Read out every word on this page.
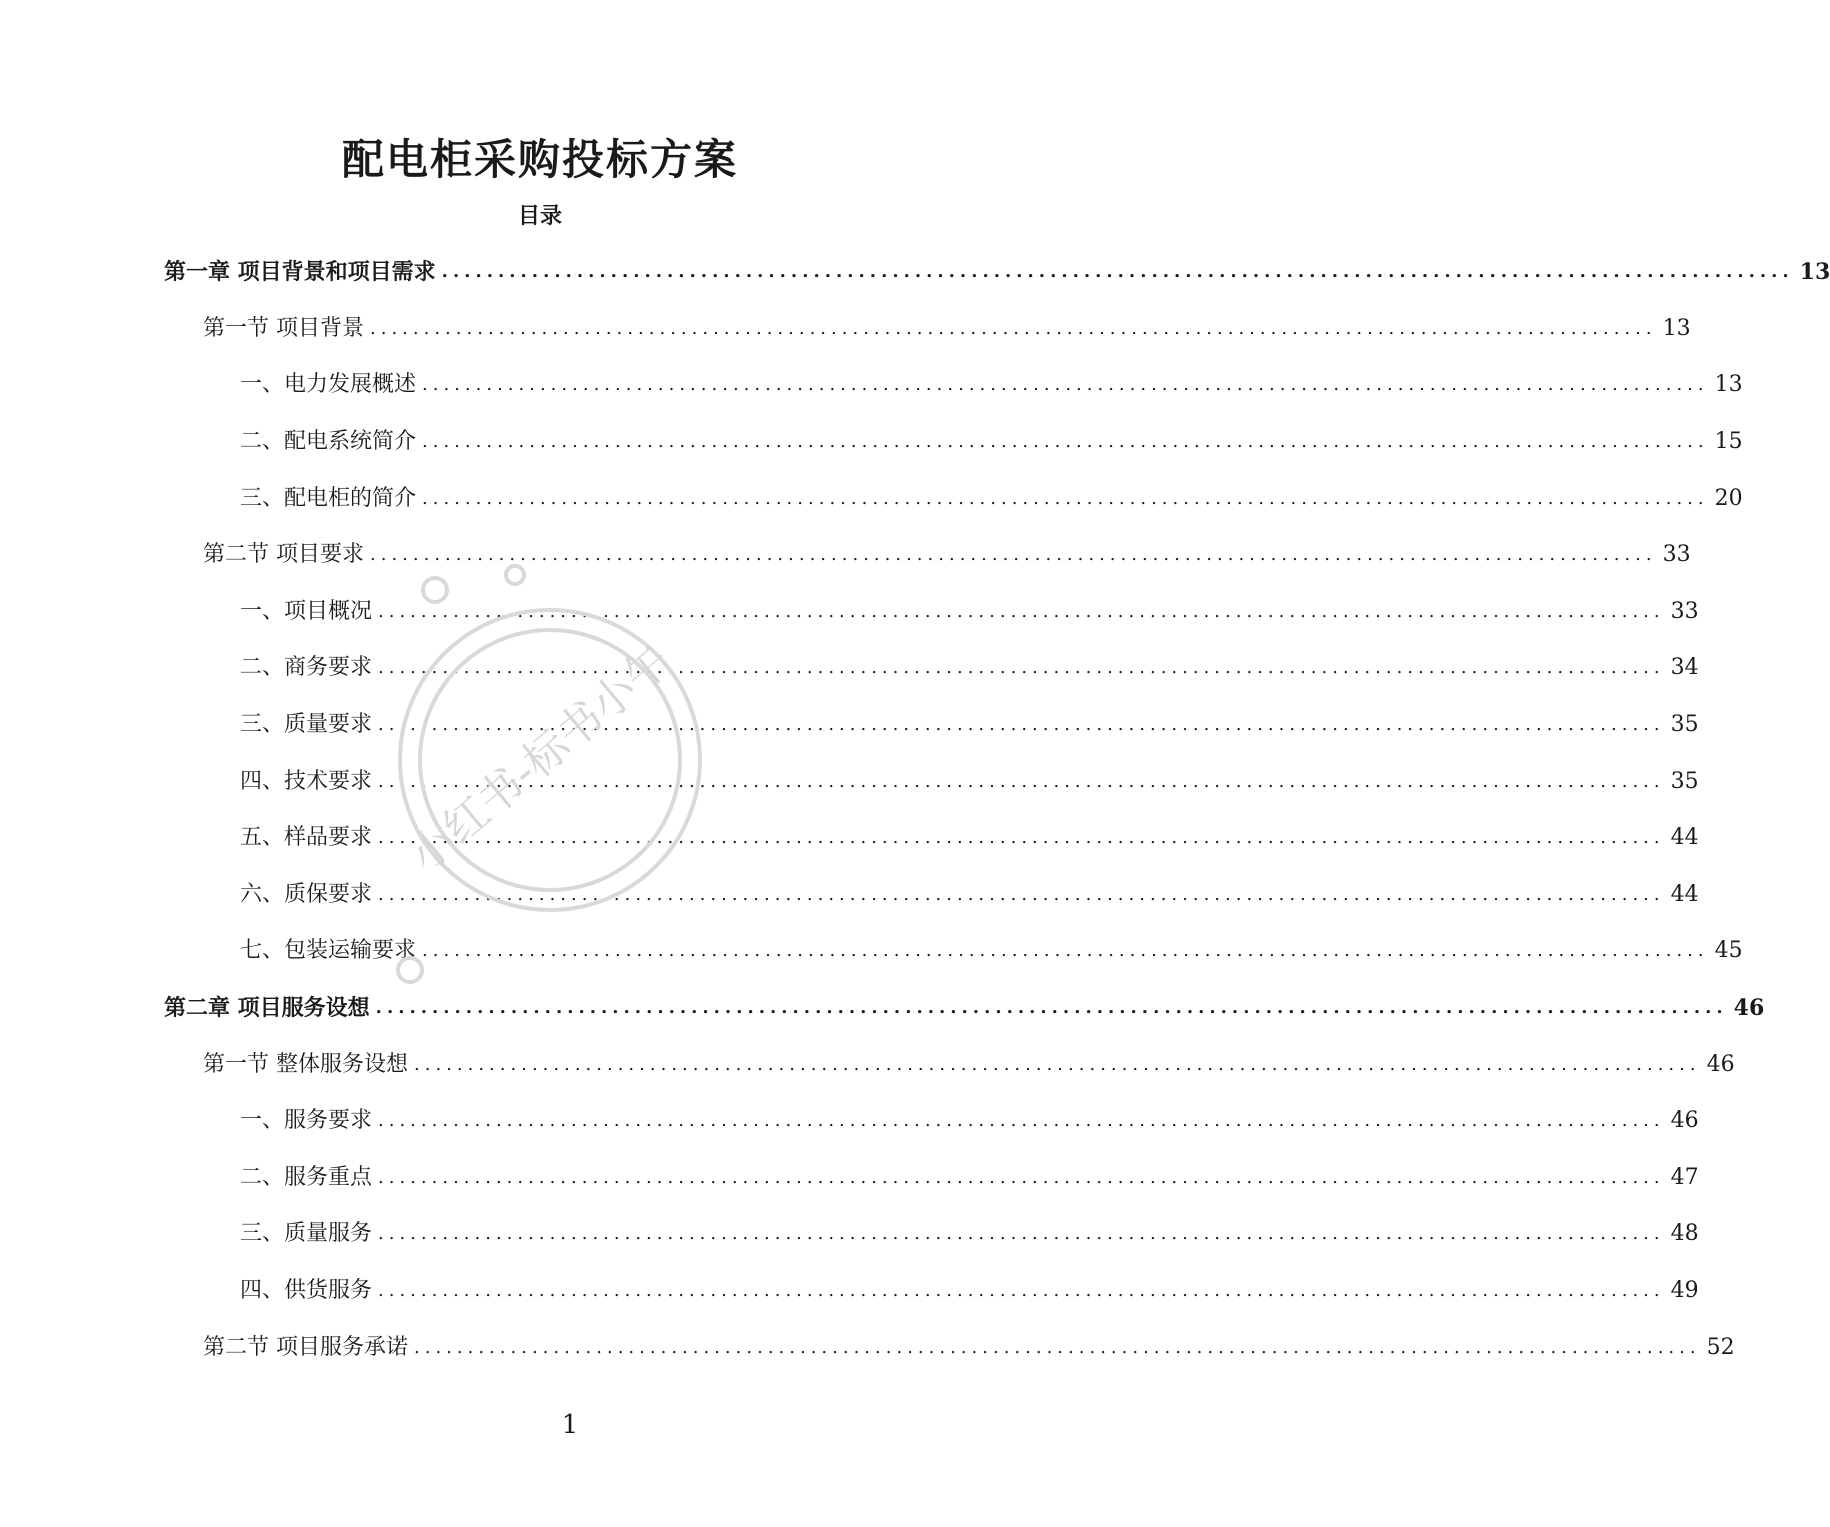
配电柜采购投标方案
目录
第一章 项目背景和项目需求 ........................................................................................................................ 13
第一节 项目背景 ........................................................................................................................ 13
一、电力发展概述 ........................................................................................................................ 13
二、配电系统简介 ........................................................................................................................ 15
三、配电柜的简介 ........................................................................................................................ 20
第二节 项目要求 ........................................................................................................................ 33
一、项目概况 ........................................................................................................................ 33
二、商务要求 ........................................................................................................................ 34
三、质量要求 ........................................................................................................................ 35
四、技术要求 ........................................................................................................................ 35
五、样品要求 ........................................................................................................................ 44
六、质保要求 ........................................................................................................................ 44
七、包装运输要求 ........................................................................................................................ 45
第二章 项目服务设想 ........................................................................................................................ 46
第一节 整体服务设想 ........................................................................................................................ 46
一、服务要求 ........................................................................................................................ 46
二、服务重点 ........................................................................................................................ 47
三、质量服务 ........................................................................................................................ 48
四、供货服务 ........................................................................................................................ 49
第二节 项目服务承诺 ........................................................................................................................ 52
小红书-标书小午
1
